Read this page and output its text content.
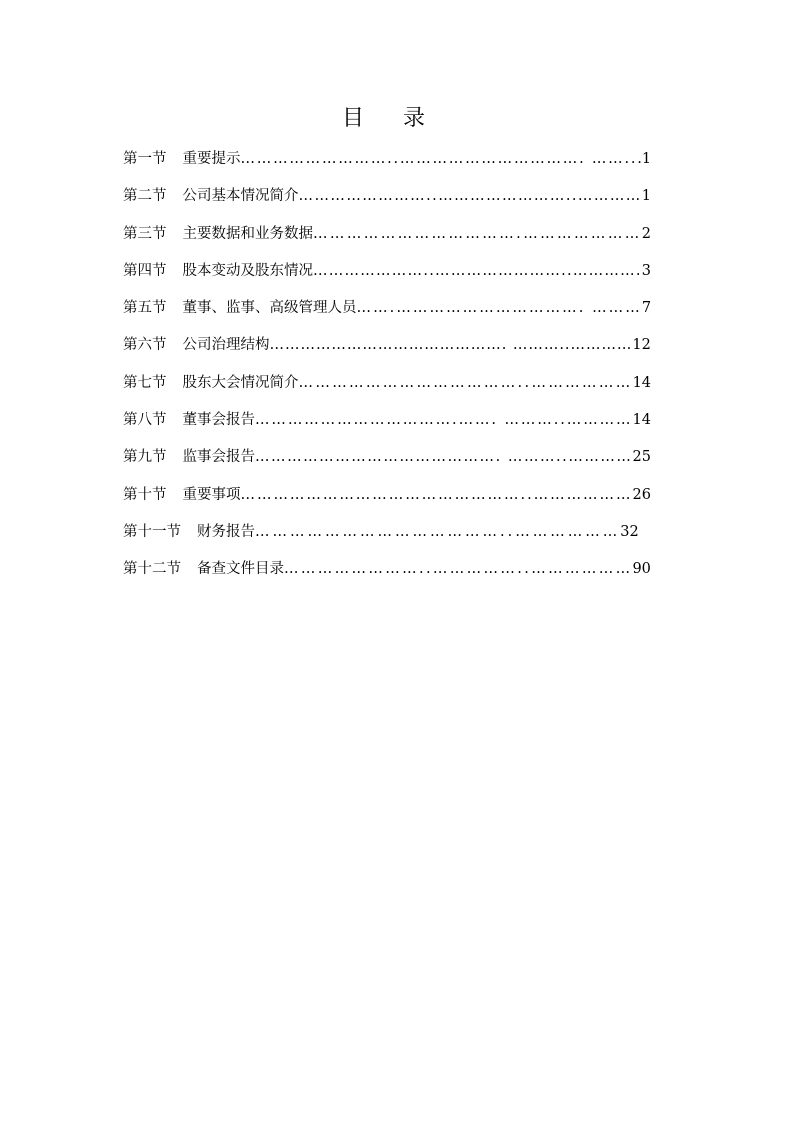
目 录
第一节 重要提示………………………..……………………………. ……...1
第二节 公司基本情况简介……………………..……………………..…………1
第三节 主要数据和业务数据……………………………….…………………2
第四节 股本变动及股东情况…………………..……………………..………….3
第五节 董事、监事、高级管理人员…….……………………………. ………7
第六节 公司治理结构………………………………………. ………..…………12
第七节 股东大会情况简介…………………………………..………………14
第八节 董事会报告……………………………….……. ………..…………14
第九节 监事会报告………………………………………. ………..…………25
第十节 重要事项……………………………………………..………………26
第十一节 财务报告……………………………………..………………32
第十二节 备查文件目录……………………..……………..………………90
